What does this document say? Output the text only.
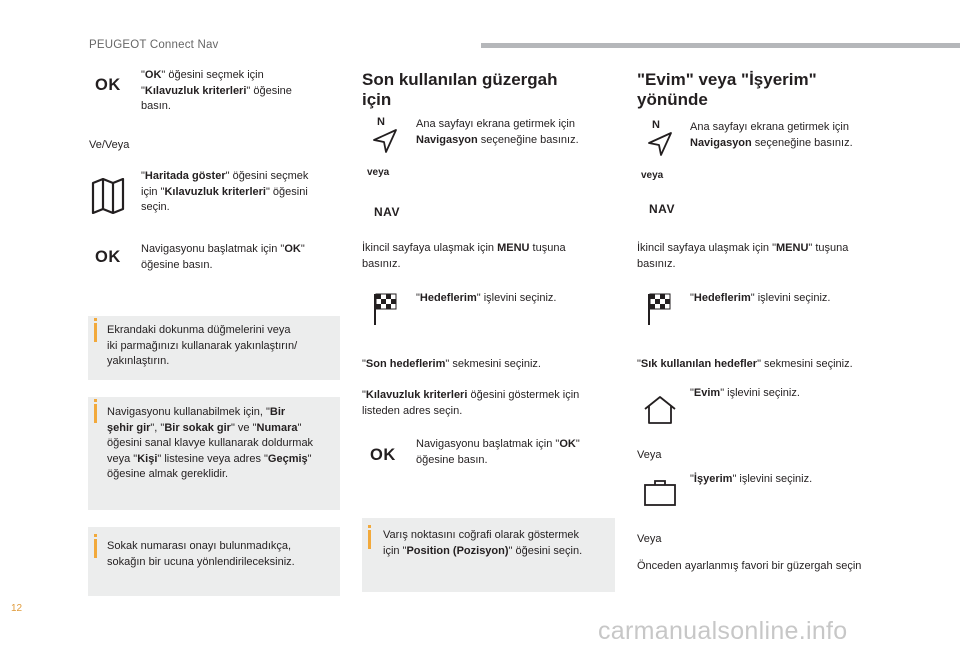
PEUGEOT Connect Nav
OK
"OK" öğesini seçmek için
"Kılavuzluk kriterleri" öğesine
basın.
Ve/Veya
"Haritada göster" öğesini seçmek
için "Kılavuzluk kriterleri" öğesini
seçin.
OK Navigasyonu başlatmak için "OK"
öğesine basın.
Ekrandaki dokunma düğmelerini veya
iki parmağınızı kullanarak yakınlaştırın/
yakınlaştırın.
Navigasyonu kullanabilmek için, "Bir
şehir gir", "Bir sokak gir" ve "Numara"
öğesini sanal klavye kullanarak doldurmak
veya "Kişi" listesine veya adres "Geçmiş"
öğesine almak gereklidir.
Sokak numarası onayı bulunmadıkça,
sokağın bir ucuna yönlendirileceksiniz.
Son kullanılan güzergah
için
N	Ana sayfayı ekrana getirmek için
Navigasyon seçeneğine basınız.
veya
NAV
İkincil sayfaya ulaşmak için MENU tuşuna
basınız.
"Hedeflerim" işlevini seçiniz.
"Son hedeflerim" sekmesini seçiniz.
"Kılavuzluk kriterleri öğesini göstermek için
listeden adres seçin.
OK
Navigasyonu başlatmak için "OK"
öğesine basın.
Varış noktasını coğrafi olarak göstermek
için "Position (Pozisyon)" öğesini seçin.
"Evim" veya "İşyerim"
yönünde
N	Ana sayfayı ekrana getirmek için
Navigasyon seçeneğine basınız.
veya
NAV
İkincil sayfaya ulaşmak için "MENU" tuşuna
basınız.
"Hedeflerim" işlevini seçiniz.
"Sık kullanılan hedefler" sekmesini seçiniz.
"Evim" işlevini seçiniz.
Veya
"İşyerim" işlevini seçiniz.
Veya
Önceden ayarlanmış favori bir güzergah seçin
12
carmanualsonline.info
